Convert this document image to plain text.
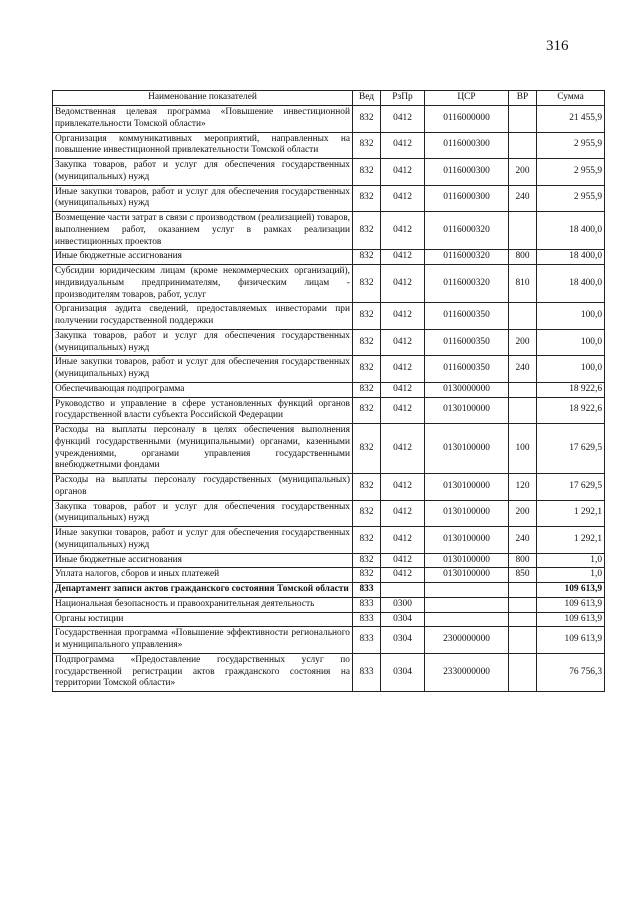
316
Наименование показателей	Вед	РзПр	ЦСР	ВР	Сумма
Ведомственная целевая программа «Повышение инвестиционной привлекательности Томской области»	832	0412	0116000000		21 455,9
Организация коммуникативных мероприятий, направленных на повышение инвестиционной привлекательности Томской области	832	0412	0116000300		2 955,9
Закупка товаров, работ и услуг для обеспечения государственных (муниципальных) нужд	832	0412	0116000300	200	2 955,9
Иные закупки товаров, работ и услуг для обеспечения государственных (муниципальных) нужд	832	0412	0116000300	240	2 955,9
Возмещение части затрат в связи с производством (реализацией) товаров, выполнением работ, оказанием услуг в рамках реализации инвестиционных проектов	832	0412	0116000320		18 400,0
Иные бюджетные ассигнования	832	0412	0116000320	800	18 400,0
Субсидии юридическим лицам (кроме некоммерческих организаций), индивидуальным предпринимателям, физическим лицам - производителям товаров, работ, услуг	832	0412	0116000320	810	18 400,0
Организация аудита сведений, предоставляемых инвесторами при получении государственной поддержки	832	0412	0116000350		100,0
Закупка товаров, работ и услуг для обеспечения государственных (муниципальных) нужд	832	0412	0116000350	200	100,0
Иные закупки товаров, работ и услуг для обеспечения государственных (муниципальных) нужд	832	0412	0116000350	240	100,0
Обеспечивающая подпрограмма	832	0412	0130000000		18 922,6
Руководство и управление в сфере установленных функций органов государственной власти субъекта Российской Федерации	832	0412	0130100000		18 922,6
Расходы на выплаты персоналу в целях обеспечения выполнения функций государственными (муниципальными) органами, казенными учреждениями, органами управления государственными внебюджетными фондами	832	0412	0130100000	100	17 629,5
Расходы на выплаты персоналу государственных (муниципальных) органов	832	0412	0130100000	120	17 629,5
Закупка товаров, работ и услуг для обеспечения государственных (муниципальных) нужд	832	0412	0130100000	200	1 292,1
Иные закупки товаров, работ и услуг для обеспечения государственных (муниципальных) нужд	832	0412	0130100000	240	1 292,1
Иные бюджетные ассигнования	832	0412	0130100000	800	1,0
Уплата налогов, сборов и иных платежей	832	0412	0130100000	850	1,0
Департамент записи актов гражданского состояния Томской области	833				109 613,9
Национальная безопасность и правоохранительная деятельность	833	0300			109 613,9
Органы юстиции	833	0304			109 613,9
Государственная программа «Повышение эффективности регионального и муниципального управления»	833	0304	2300000000		109 613,9
Подпрограмма «Предоставление государственных услуг по государственной регистрации актов гражданского состояния на территории Томской области»	833	0304	2330000000		76 756,3
